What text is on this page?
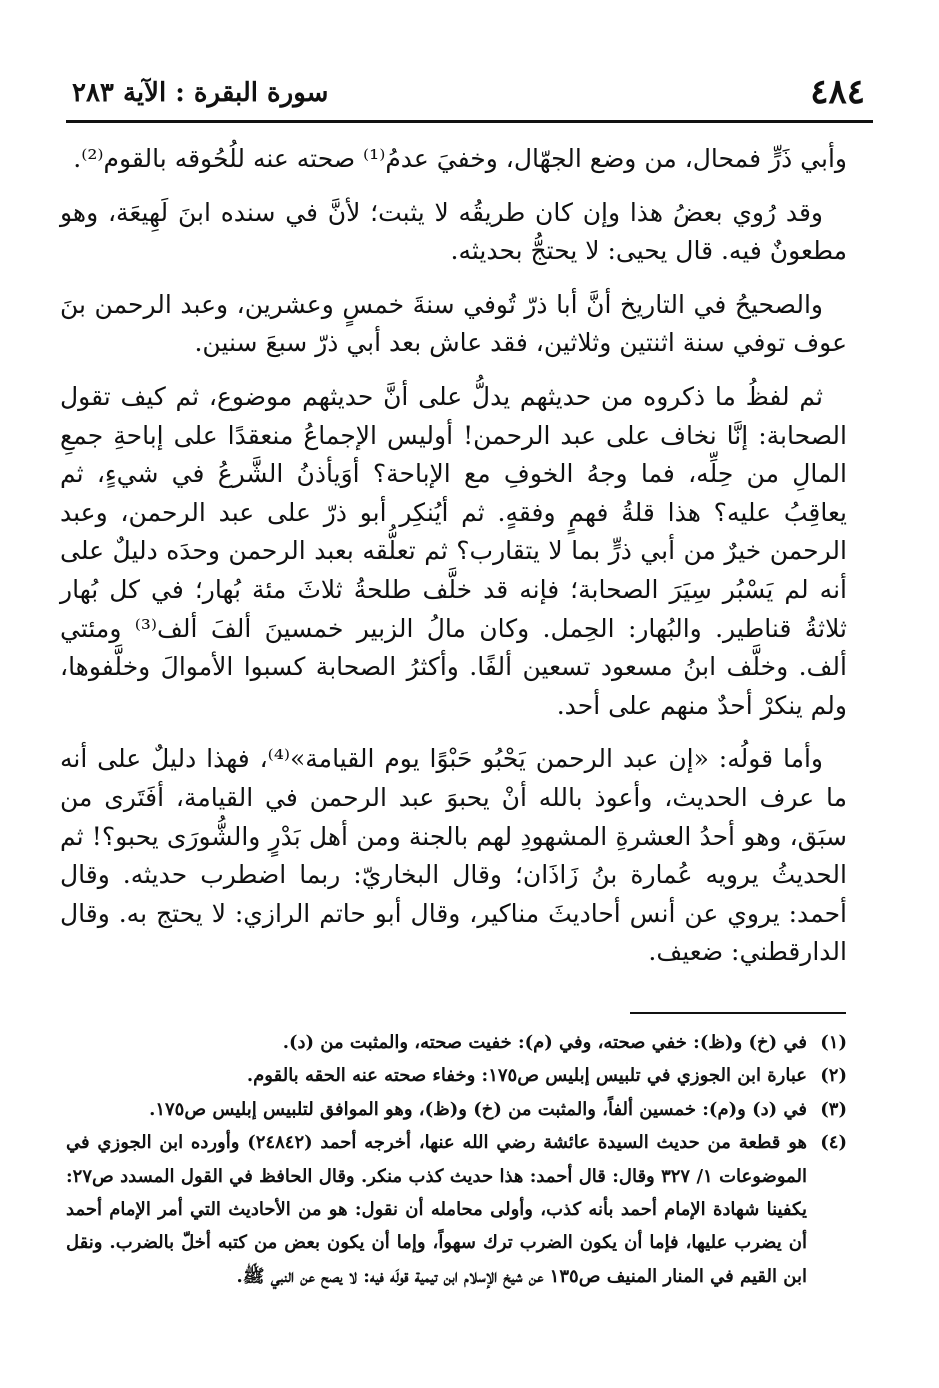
٤٨٤
سورة البقرة : الآية ٢٨٣

وأبي ذَرٍّ فمحال، من وضع الجهّال، وخفيَ عدمُ⁽¹⁾ صحته عنه للُحُوقه بالقوم⁽²⁾.

وقد رُوي بعضُ هذا وإن كان طريقُه لا يثبت؛ لأنَّ في سنده ابنَ لَهِيعَة، وهو مطعونٌ فيه. قال يحيى: لا يحتجُّ بحديثه.

والصحيحُ في التاريخ أنَّ أبا ذرّ تُوفي سنةَ خمسٍ وعشرين، وعبد الرحمن بنَ عوف توفي سنة اثنتين وثلاثين، فقد عاش بعد أبي ذرّ سبعَ سنين.

ثم لفظُ ما ذكروه من حديثهم يدلُّ على أنَّ حديثهم موضوع، ثم كيف تقول الصحابة: إنَّا نخاف على عبد الرحمن! أوليس الإجماعُ منعقدًا على إباحةِ جمعِ المالِ من حِلِّه، فما وجهُ الخوفِ مع الإباحة؟ أوَيأذنُ الشَّرعُ في شيءٍ، ثم يعاقِبُ عليه؟ هذا قلةُ فهمٍ وفقهٍ. ثم أيُنكِر أبو ذرّ على عبد الرحمن، وعبد الرحمن خيرٌ من أبي ذرٍّ بما لا يتقارب؟ ثم تعلُّقه بعبد الرحمن وحدَه دليلٌ على أنه لم يَسْبُر سِيَرَ الصحابة؛ فإنه قد خلَّف طلحةُ ثلاثَ مئة بُهار؛ في كل بُهار ثلاثةُ قناطير. والبُهار: الحِمل. وكان مالُ الزبير خمسينَ ألفَ ألف⁽³⁾ ومئتي ألف. وخلَّف ابنُ مسعود تسعين ألفًا. وأكثرُ الصحابة كسبوا الأموالَ وخلَّفوها، ولم ينكرْ أحدٌ منهم على أحد.

وأما قولُه: «إن عبد الرحمن يَحْبُو حَبْوًا يوم القيامة»⁽⁴⁾، فهذا دليلٌ على أنه ما عرف الحديث، وأعوذ بالله أنْ يحبوَ عبد الرحمن في القيامة، أفَتَرى من سبَق، وهو أحدُ العشرةِ المشهودِ لهم بالجنة ومن أهل بَدْرٍ والشُّورَى يحبو؟! ثم الحديثُ يرويه عُمارة بنُ زَاذَان؛ وقال البخاريّ: ربما اضطرب حديثه. وقال أحمد: يروي عن أنس أحاديثَ مناكير، وقال أبو حاتم الرازي: لا يحتج به. وقال الدارقطني: ضعيف.

(١)
في (خ) و(ظ): خفي صحته، وفي (م): خفيت صحته، والمثبت من (د).
(٢)
عبارة ابن الجوزي في تلبيس إبليس ص١٧٥: وخفاء صحته عنه الحقه بالقوم.
(٣)
في (د) و(م): خمسين ألفاً، والمثبت من (خ) و(ظ)، وهو الموافق لتلبيس إبليس ص١٧٥.
(٤)
هو قطعة من حديث السيدة عائشة رضي الله عنها، أخرجه أحمد (٢٤٨٤٢) وأورده ابن الجوزي في الموضوعات ١/ ٣٢٧ وقال: قال أحمد: هذا حديث كذب منكر. وقال الحافظ في القول المسدد ص٢٧: يكفينا شهادة الإمام أحمد بأنه كذب، وأولى محامله أن نقول: هو من الأحاديث التي أمر الإمام أحمد أن يضرب عليها، فإما أن يكون الضرب ترك سهواً، وإما أن يكون بعض من كتبه أخلّ بالضرب. ونقل ابن القيم في المنار المنيف ص١٣٥ عن شيخ الإسلام ابن تيمية قولَه فيه: لا يصح عن النبي ﷺ.
